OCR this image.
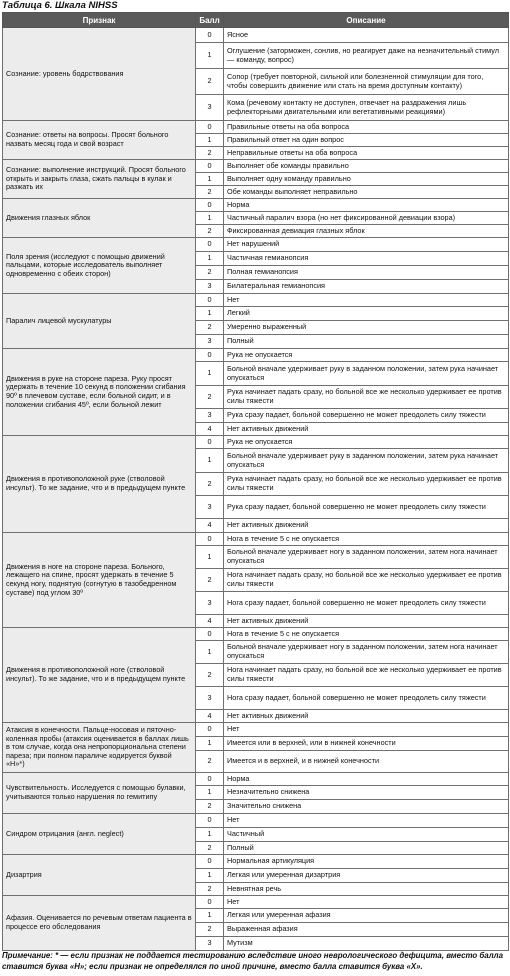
Таблица 6. Шкала NIHSS
Признак	Балл	Описание
Сознание: уровень бодрствования	0	Ясное
	1	Оглушение (заторможен, сонлив, но реагирует даже на незначительный стимул — команду, вопрос)
	2	Сопор (требует повторной, сильной или болезненной стимуляции для того, чтобы совершить движение или стать на время доступным контакту)
	3	Кома (речевому контакту не доступен, отвечает на раздражения лишь рефлекторными двигательными или вегетативными реакциями)
Сознание: ответы на вопросы. Просят больного назвать месяц года и свой возраст	0	Правильные ответы на оба вопроса
	1	Правильный ответ на один вопрос
	2	Неправильные ответы на оба вопроса
Сознание: выполнение инструкций. Просят больного открыть и закрыть глаза, сжать пальцы в кулак и разжать их	0	Выполняет обе команды правильно
	1	Выполняет одну команду правильно
	2	Обе команды выполняет неправильно
Движения глазных яблок	0	Норма
	1	Частичный паралич взора (но нет фиксированной девиации взора)
	2	Фиксированная девиация глазных яблок
Поля зрения (исследуют с помощью движений пальцами, которые исследователь выполняет одновременно с обеих сторон)	0	Нет нарушений
	1	Частичная гемианопсия
	2	Полная гемианопсия
	3	Билатеральная гемианопсия
Паралич лицевой мускулатуры	0	Нет
	1	Легкий
	2	Умеренно выраженный
	3	Полный
Движения в руке на стороне пареза. Руку просят удержать в течение 10 секунд в положении сгибания 90º в плечевом суставе, если больной сидит, и в положении сгибания 45º, если больной лежит	0	Рука не опускается
	1	Больной вначале удерживает руку в заданном положении, затем рука начинает опускаться
	2	Рука начинает падать сразу, но больной все же несколько удерживает ее против силы тяжести
	3	Рука сразу падает, больной совершенно не может преодолеть силу тяжести
	4	Нет активных движений
Движения в противоположной руке (стволовой инсульт). То же задание, что и в предыдущем пункте	0	Рука не опускается
	1	Больной вначале удерживает руку в заданном положении, затем рука начинает опускаться
	2	Рука начинает падать сразу, но больной все же несколько удерживает ее против силы тяжести
	3	Рука сразу падает, больной совершенно не может преодолеть силу тяжести
	4	Нет активных движений
Движения в ноге на стороне пареза. Больного, лежащего на спине, просят удержать в течение 5 секунд ногу, поднятую (согнутую в тазобедренном суставе) под углом 30º	0	Нога в течение 5 с не опускается
	1	Больной вначале удерживает ногу в заданном положении, затем нога начинает опускаться
	2	Нога начинает падать сразу, но больной все же несколько удерживает ее против силы тяжести
	3	Нога сразу падает, больной совершенно не может преодолеть силу тяжести
	4	Нет активных движений
Движения в противоположной ноге (стволовой инсульт). То же задание, что и в предыдущем пункте	0	Нога в течение 5 с не опускается
	1	Больной вначале удерживает ногу в заданном положении, затем нога начинает опускаться
	2	Нога начинает падать сразу, но больной все же несколько удерживает ее против силы тяжести
	3	Нога сразу падает, больной совершенно не может преодолеть силу тяжести
	4	Нет активных движений
Атаксия в конечности. Пальце-носовая и пяточно-коленная пробы (атаксия оценивается в баллах лишь в том случае, когда она непропорциональна степени пареза; при полном параличе кодируется буквой «Н»*)	0	Нет
	1	Имеется или в верхней, или в нижней конечности
	2	Имеется и в верхней, и в нижней конечности
Чувствительность. Исследуется с помощью булавки, учитываются только нарушения по гемитипу	0	Норма
	1	Незначительно снижена
	2	Значительно снижена
Синдром отрицания (англ. neglect)	0	Нет
	1	Частичный
	2	Полный
Дизартрия	0	Нормальная артикуляция
	1	Легкая или умеренная дизартрия
	2	Невнятная речь
Афазия. Оценивается по речевым ответам пациента в процессе его обследования	0	Нет
	1	Легкая или умеренная афазия
	2	Выраженная афазия
	3	Мутизм
Примечание: * — если признак не поддается тестированию вследствие иного неврологического дефицита, вместо балла ставится буква «Н»; если признак не определялся по иной причине, вместо балла ставится буква «Х».
